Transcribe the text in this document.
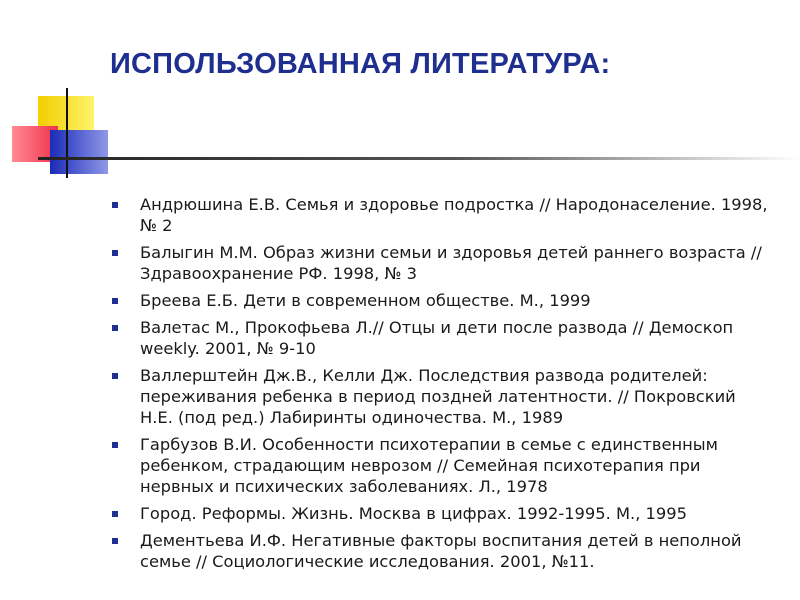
ИСПОЛЬЗОВАННАЯ ЛИТЕРАТУРА:
Андрюшина Е.В. Семья и здоровье подростка // Народонаселение. 1998, № 2
Балыгин М.М. Образ жизни семьи и здоровья детей раннего возраста // Здравоохранение РФ. 1998, № 3
Бреева Е.Б. Дети в современном обществе. М., 1999
Валетас М., Прокофьева Л.// Отцы и дети после развода // Демоскоп weekly. 2001, № 9-10
Валлерштейн Дж.В., Келли Дж. Последствия развода родителей: переживания ребенка в период поздней латентности. // Покровский Н.Е. (под ред.) Лабиринты одиночества. М., 1989
Гарбузов В.И. Особенности психотерапии в семье с единственным ребенком, страдающим неврозом // Семейная психотерапия при нервных и психических заболеваниях. Л., 1978
Город. Реформы. Жизнь. Москва в цифрах. 1992-1995. М., 1995
Дементьева И.Ф. Негативные факторы воспитания детей в неполной семье // Социологические исследования. 2001, №11.
